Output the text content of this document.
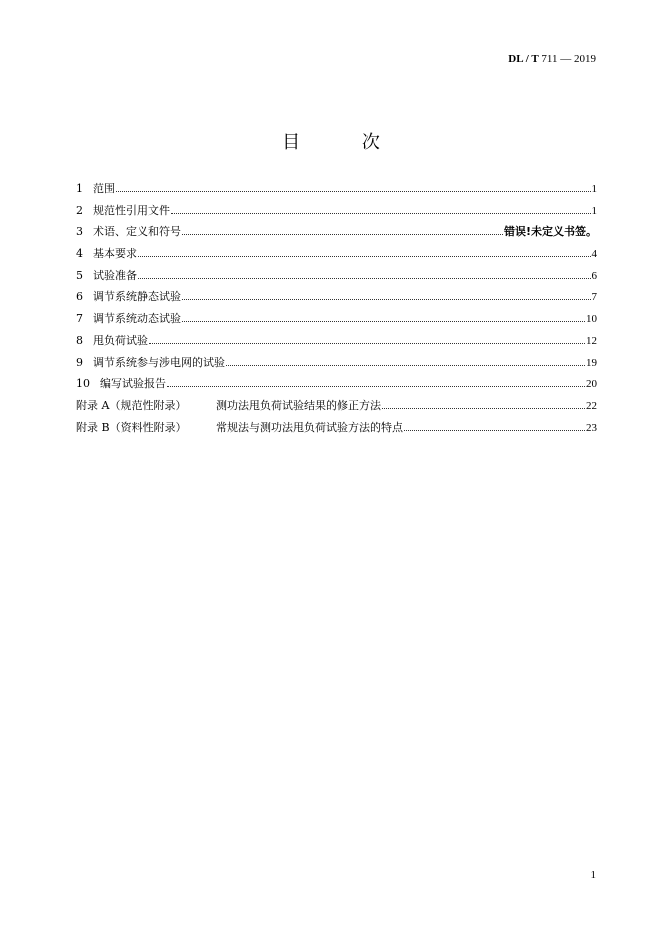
DL / T 711 — 2019
目	次
1 范围	1
2 规范性引用文件	1
3 术语、定义和符号	错误!未定义书签。
4 基本要求	4
5 试验准备	6
6 调节系统静态试验	7
7 调节系统动态试验	10
8 甩负荷试验	12
9 调节系统参与涉电网的试验	19
10 编写试验报告	20
附录 A（规范性附录）	测功法甩负荷试验结果的修正方法	22
附录 B（资料性附录）	常规法与测功法甩负荷试验方法的特点	23
1
